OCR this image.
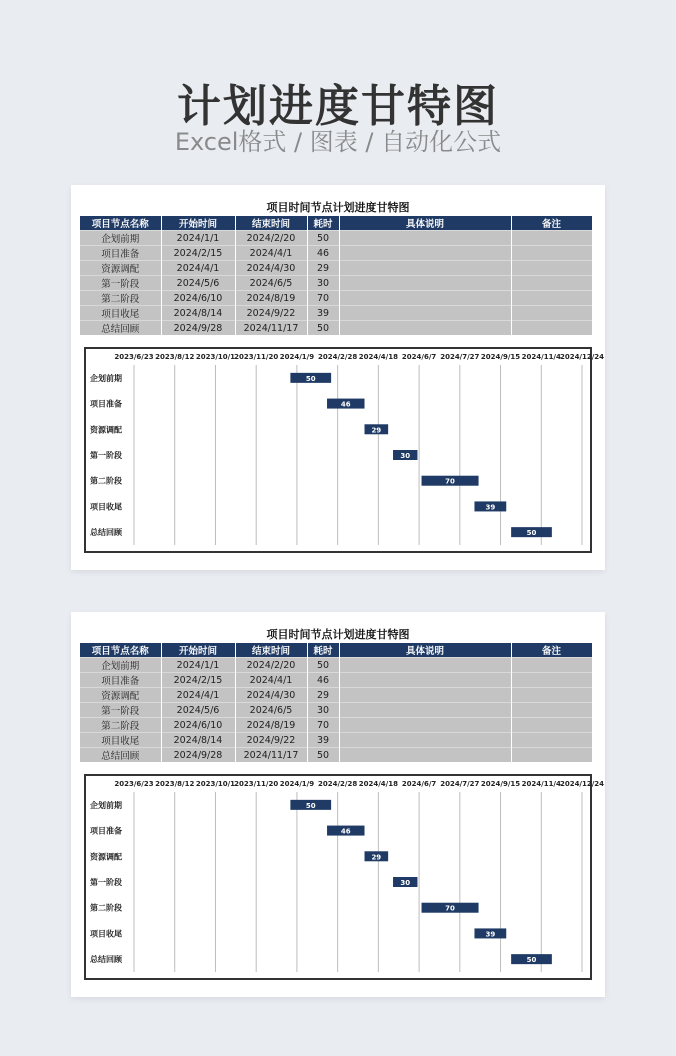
计划进度甘特图
Excel格式 / 图表 / 自动化公式
项目时间节点计划进度甘特图
项目节点名称	开始时间	结束时间	耗时	具体说明	备注
企划前期	2024/1/1	2024/2/20	50		
项目准备	2024/2/15	2024/4/1	46		
资源调配	2024/4/1	2024/4/30	29		
第一阶段	2024/5/6	2024/6/5	30		
第二阶段	2024/6/10	2024/8/19	70		
项目收尾	2024/8/14	2024/9/22	39		
总结回顾	2024/9/28	2024/11/17	50		
2023/6/23 2023/8/12 2023/10/1 2023/11/20 2024/1/9 2024/2/28 2024/4/18 2024/6/7 2024/7/27 2024/9/15 2024/11/4 2024/12/24
企划前期	50
项目准备	46
资源调配	29
第一阶段	30
第二阶段	70
项目收尾	39
总结回顾	50
项目时间节点计划进度甘特图
项目节点名称	开始时间	结束时间	耗时	具体说明	备注
企划前期	2024/1/1	2024/2/20	50		
项目准备	2024/2/15	2024/4/1	46		
资源调配	2024/4/1	2024/4/30	29		
第一阶段	2024/5/6	2024/6/5	30		
第二阶段	2024/6/10	2024/8/19	70		
项目收尾	2024/8/14	2024/9/22	39		
总结回顾	2024/9/28	2024/11/17	50		
2023/6/23 2023/8/12 2023/10/1 2023/11/20 2024/1/9 2024/2/28 2024/4/18 2024/6/7 2024/7/27 2024/9/15 2024/11/4 2024/12/24
企划前期	50
项目准备	46
资源调配	29
第一阶段	30
第二阶段	70
项目收尾	39
总结回顾	50
